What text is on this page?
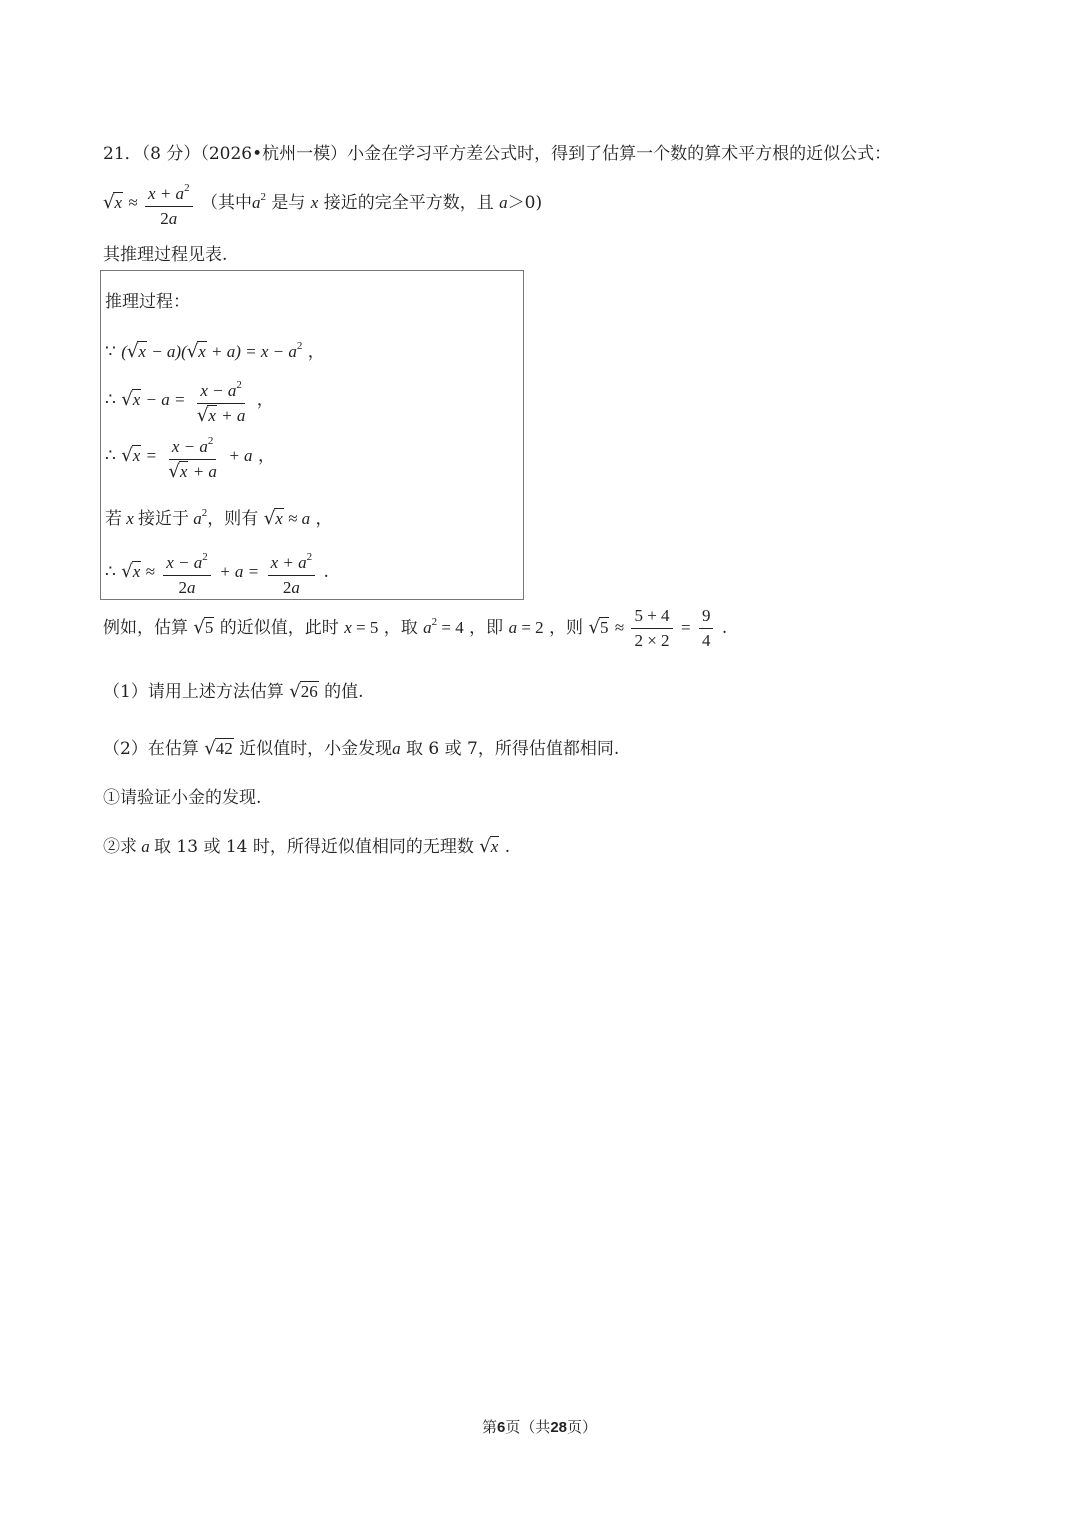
21．（8 分）（2026•杭州一模）小金在学习平方差公式时，得到了估算一个数的算术平方根的近似公式：
$√x \approx \frac{x + a^2}{2a}$ （其中$a^2$ 是与 x 接近的完全平方数，且 a＞0)
其推理过程见表.
推理过程：
∵ $(√x - a)(√x + a) = x - a^2$ ，
∴ $√x - a = \frac{x - a^2}{√x + a}$ ，
∴ $√x = \frac{x - a^2}{√x + a} + a$ ，
若 x 接近于 $a^2$，则有 √x ≈ a ，
∴ $√x \approx \frac{x - a^2}{2a} + a = \frac{x + a^2}{2a}$ .
例如，估算 √5 的近似值，此时 x = 5 ，取 $a^2 = 4$ ，即 a = 2 ，则 $√5 \approx \frac{5 + 4}{2 \times 2} = \frac{9}{4}$ .
（1）请用上述方法估算 √26 的值.
（2）在估算 √42 近似值时，小金发现a 取 6 或 7，所得估值都相同.
①请验证小金的发现.
②求 a 取 13 或 14 时，所得近似值相同的无理数 √x .
第6页（共28页）
